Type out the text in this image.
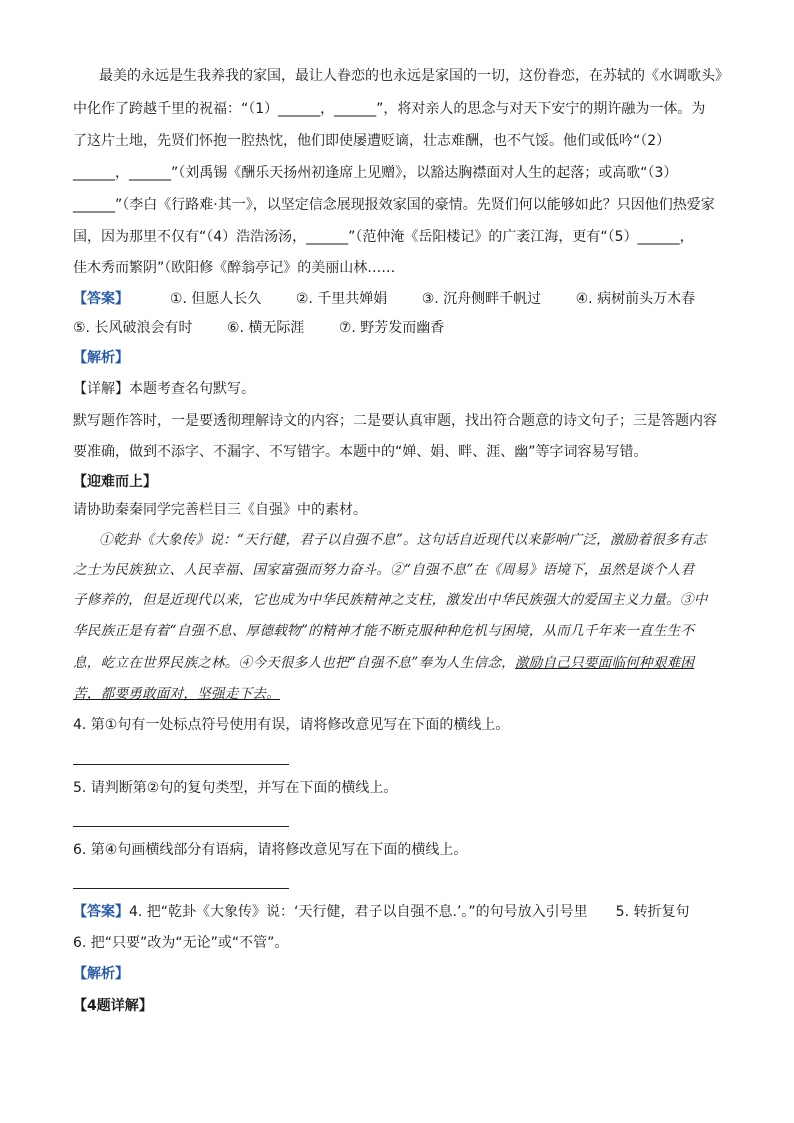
最美的永远是生我养我的家国，最让人眷恋的也永远是家国的一切，这份眷恋，在苏轼的《水调歌头》
中化作了跨越千里的祝福：“（1）______，______”，将对亲人的思念与对天下安宁的期许融为一体。为
了这片土地，先贤们怀抱一腔热忱，他们即使屡遭贬谪，壮志难酬，也不气馁。他们或低吟“（2）
______，______”（刘禹锡《酬乐天扬州初逢席上见赠》，以豁达胸襟面对人生的起落；或高歌“（3）
______”（李白《行路难·其一》，以坚定信念展现报效家国的豪情。先贤们何以能够如此？只因他们热爱家
国，因为那里不仅有“（4）浩浩汤汤，______”（范仲淹《岳阳楼记》的广袤江海，更有“（5）______，
佳木秀而繁阴”（欧阳修《醉翁亭记》的美丽山林……
【答案】	①. 但愿人长久 ②. 千里共婵娟 ③. 沉舟侧畔千帆过 ④. 病树前头万木春
⑤. 长风破浪会有时 ⑥. 横无际涯 ⑦. 野芳发而幽香
【解析】
【详解】本题考查名句默写。
默写题作答时，一是要透彻理解诗文的内容；二是要认真审题，找出符合题意的诗文句子；三是答题内容
要准确，做到不添字、不漏字、不写错字。本题中的“婵、娟、畔、涯、幽”等字词容易写错。
【迎难而上】
请协助秦秦同学完善栏目三《自强》中的素材。
①乾卦《大象传》说：“天行健，君子以自强不息”。这句话自近现代以来影响广泛，激励着很多有志
之士为民族独立、人民幸福、国家富强而努力奋斗。②“自强不息”在《周易》语境下，虽然是谈个人君
子修养的，但是近现代以来，它也成为中华民族精神之支柱，激发出中华民族强大的爱国主义力量。③中
华民族正是有着“自强不息、厚德载物”的精神才能不断克服种种危机与困境，从而几千年来一直生生不
息，屹立在世界民族之林。④今天很多人也把“自强不息”奉为人生信念，激励自己只要面临何种艰难困
苦，都要勇敢面对，坚强走下去。
4. 第①句有一处标点符号使用有误，请将修改意见写在下面的横线上。
5. 请判断第②句的复句类型，并写在下面的横线上。
6. 第④句画横线部分有语病，请将修改意见写在下面的横线上。
【答案】4. 把“乾卦《大象传》说：‘天行健，君子以自强不息.’。”的句号放入引号里 5. 转折复句
6. 把“只要”改为“无论”或“不管”。
【解析】
【4题详解】
